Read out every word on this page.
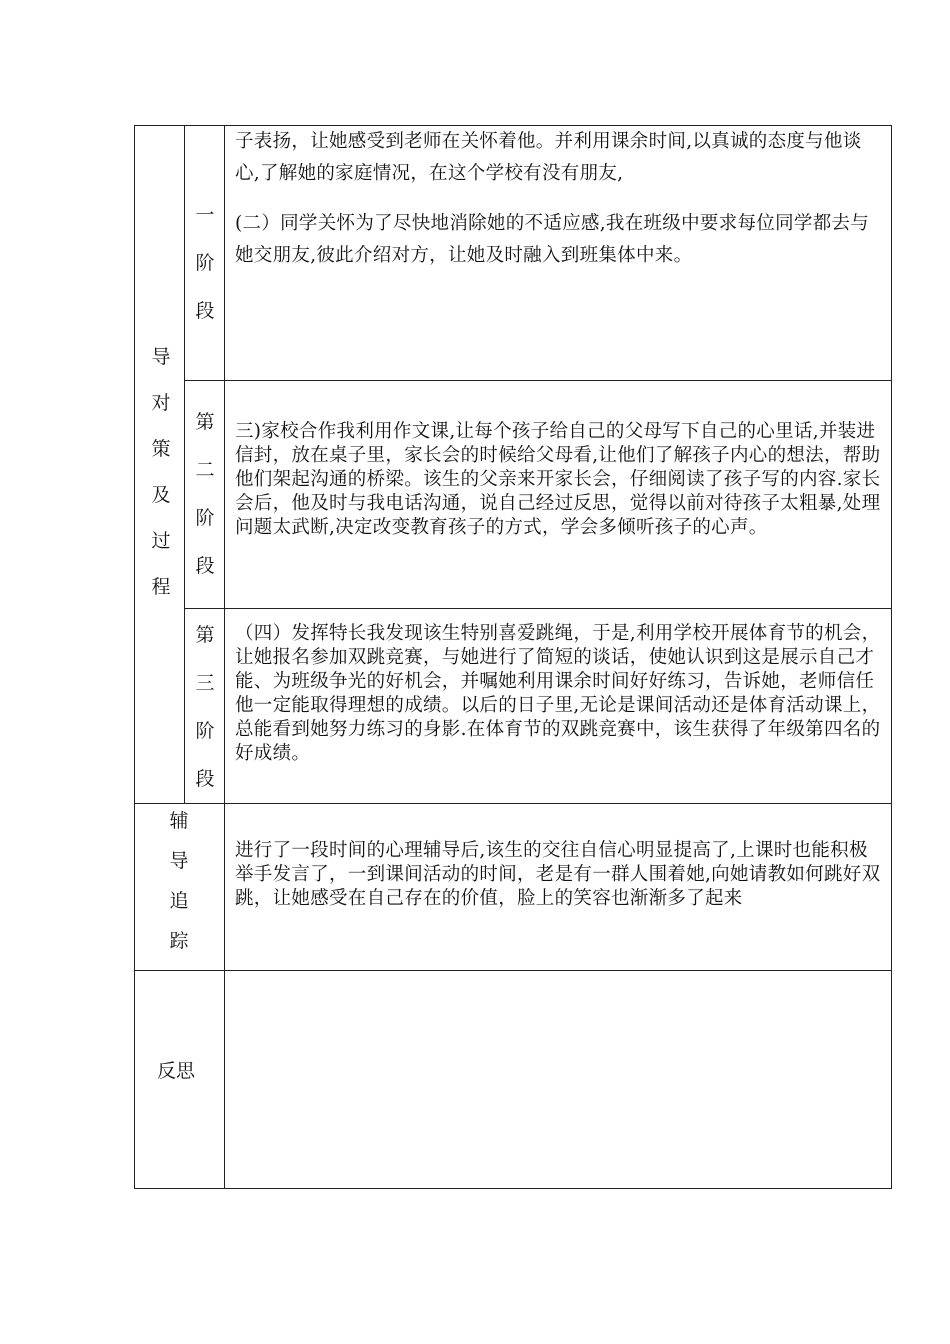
导
对
策
及
过
程
一
阶
段
第
二
阶
段
第
三
阶
段
辅
导
追
踪
反思

子表扬，让她感受到老师在关怀着他。并利用课余时间,以真诚的态度与他谈心,了解她的家庭情况，在这个学校有没有朋友,

(二）同学关怀为了尽快地消除她的不适应感,我在班级中要求每位同学都去与她交朋友,彼此介绍对方，让她及时融入到班集体中来。

三)家校合作我利用作文课,让每个孩子给自己的父母写下自己的心里话,并装进信封，放在桌子里，家长会的时候给父母看,让他们了解孩子内心的想法，帮助他们架起沟通的桥梁。该生的父亲来开家长会，仔细阅读了孩子写的内容.家长会后，他及时与我电话沟通，说自己经过反思，觉得以前对待孩子太粗暴,处理问题太武断,决定改变教育孩子的方式，学会多倾听孩子的心声。

（四）发挥特长我发现该生特别喜爱跳绳，于是,利用学校开展体育节的机会，让她报名参加双跳竞赛，与她进行了简短的谈话，使她认识到这是展示自己才能、为班级争光的好机会，并嘱她利用课余时间好好练习，告诉她，老师信任他一定能取得理想的成绩。以后的日子里,无论是课间活动还是体育活动课上，总能看到她努力练习的身影.在体育节的双跳竞赛中，该生获得了年级第四名的好成绩。

进行了一段时间的心理辅导后,该生的交往自信心明显提高了,上课时也能积极举手发言了，一到课间活动的时间，老是有一群人围着她,向她请教如何跳好双跳，让她感受在自己存在的价值，脸上的笑容也渐渐多了起来
